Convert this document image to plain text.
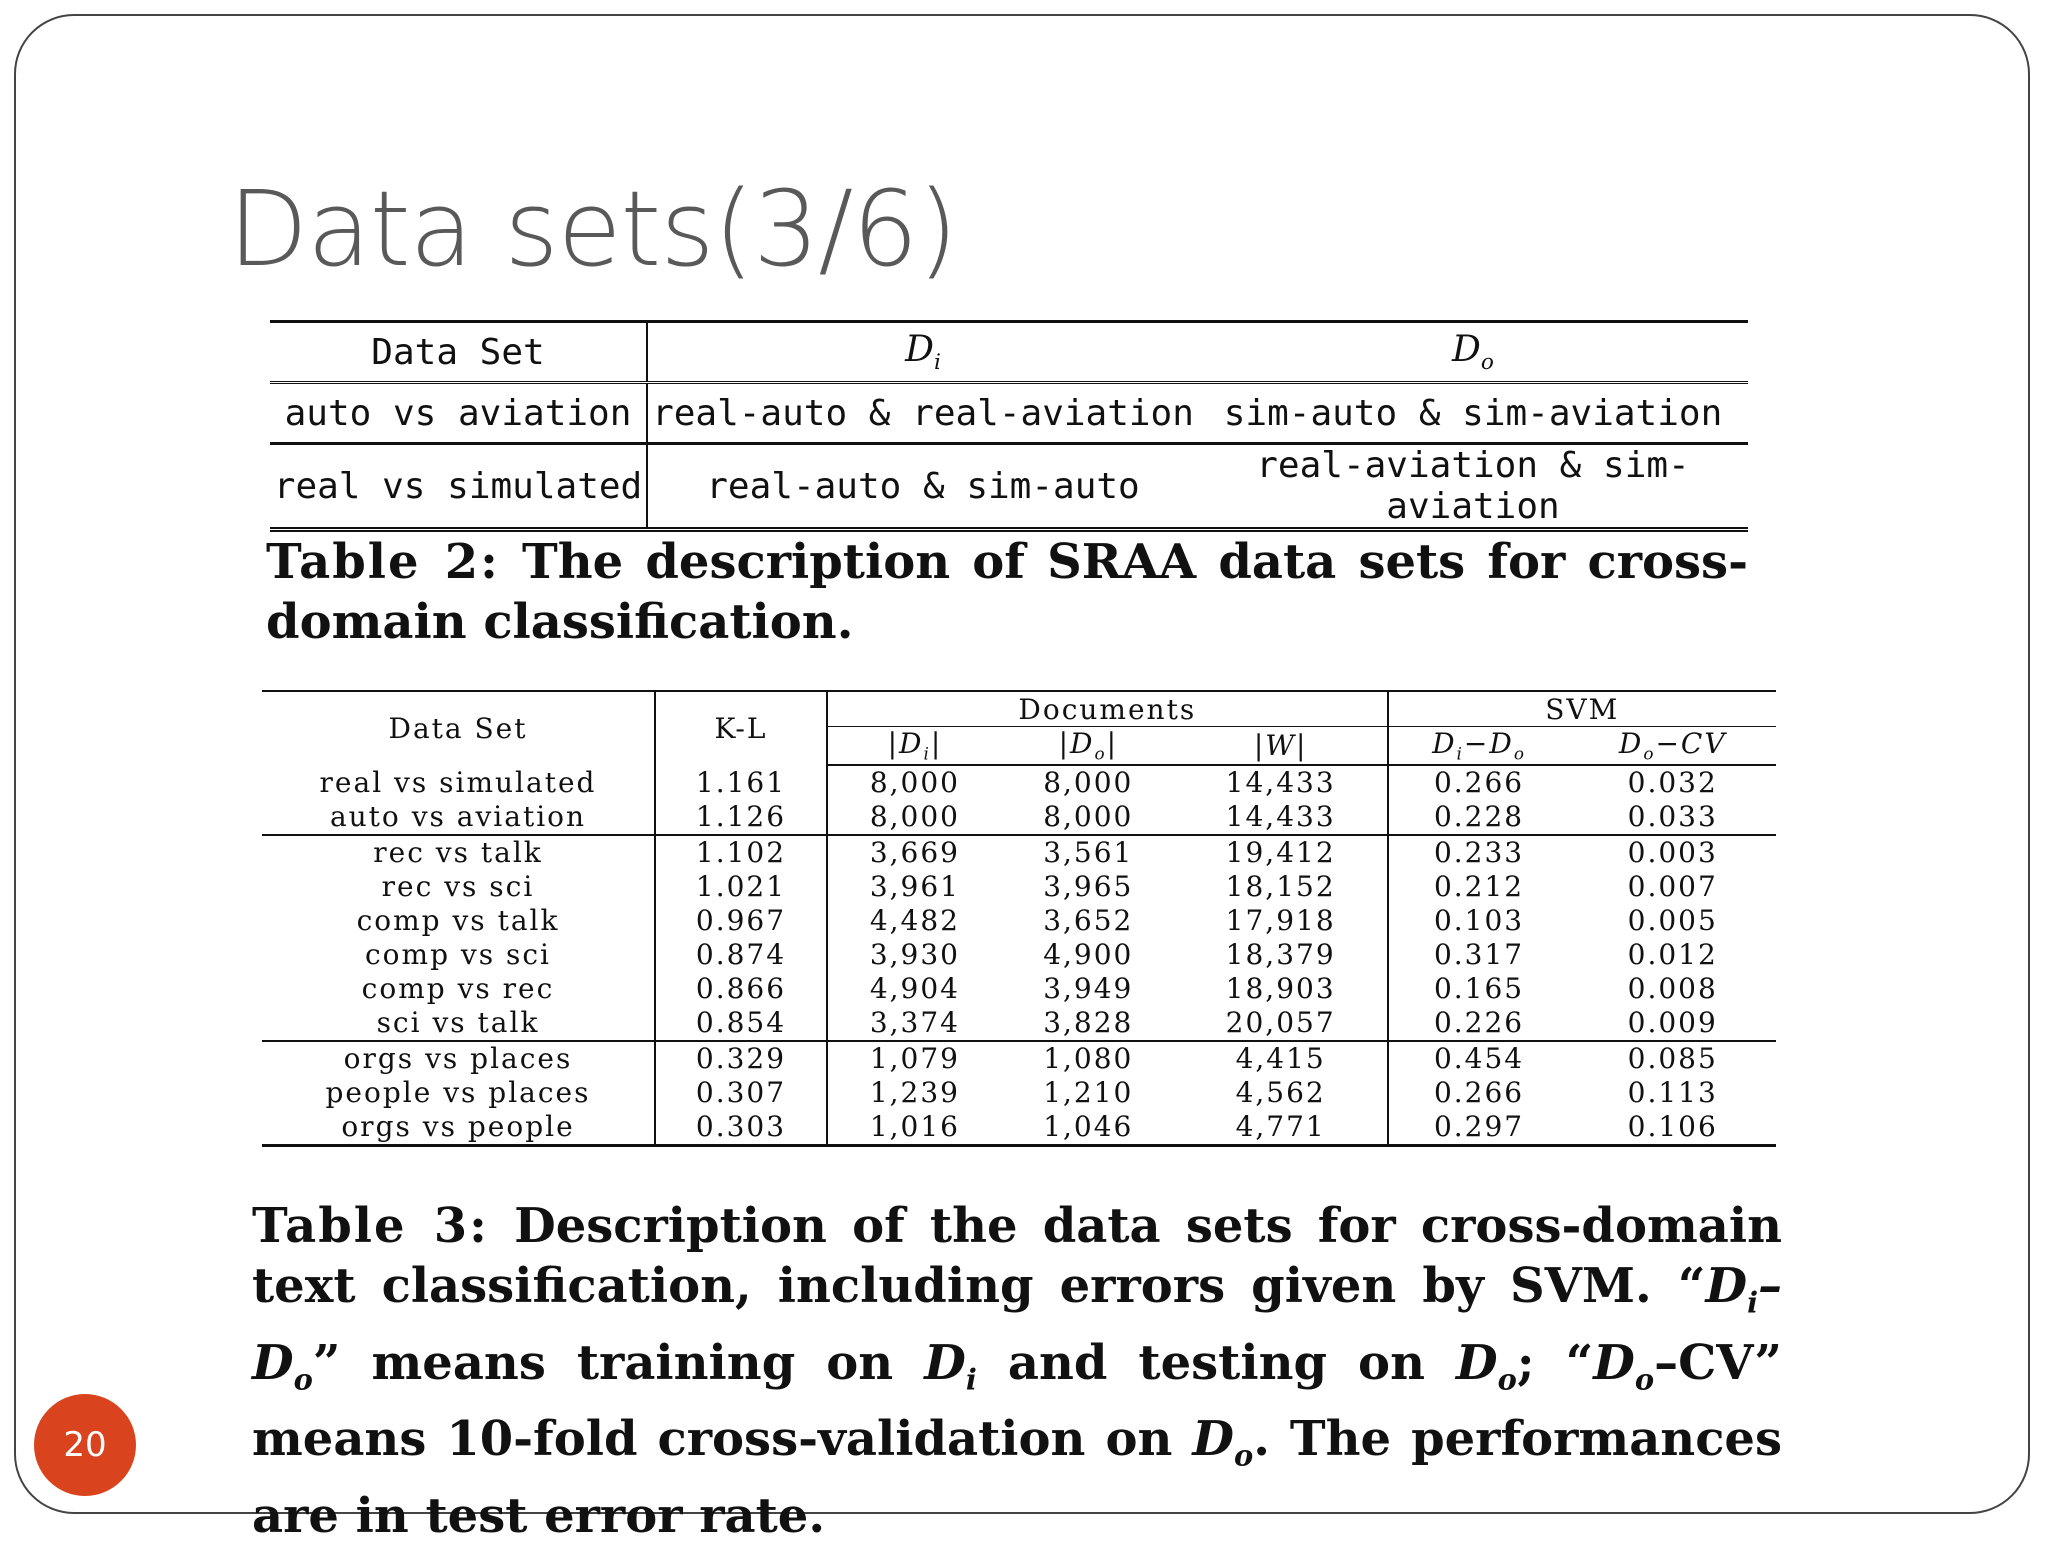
Data sets(3/6)
Data Set	$D_i$	$D_o$
auto vs aviation	real-auto & real-aviation	sim-auto & sim-aviation
real vs simulated	real-auto & sim-auto	real-aviation & sim-aviation

Table 2: The description of SRAA data sets for cross-domain classification.

Data Set	K-L	Documents			SVM	
		$|D_i|$	$|D_o|$	|W|	$D_i-D_o$	$D_o-CV$
real vs simulated	1.161	8,000	8,000	14,433	0.266	0.032
auto vs aviation	1.126	8,000	8,000	14,433	0.228	0.033
rec vs talk	1.102	3,669	3,561	19,412	0.233	0.003
rec vs sci	1.021	3,961	3,965	18,152	0.212	0.007
comp vs talk	0.967	4,482	3,652	17,918	0.103	0.005
comp vs sci	0.874	3,930	4,900	18,379	0.317	0.012
comp vs rec	0.866	4,904	3,949	18,903	0.165	0.008
sci vs talk	0.854	3,374	3,828	20,057	0.226	0.009
orgs vs places	0.329	1,079	1,080	4,415	0.454	0.085
people vs places	0.307	1,239	1,210	4,562	0.266	0.113
orgs vs people	0.303	1,016	1,046	4,771	0.297	0.106

Table 3: Description of the data sets for cross-domain text classification, including errors given by SVM. “$D_i-D_o$” means training on $D_i$ and testing on $D_o$; “$D_o-CV$” means 10-fold cross-validation on $D_o$. The performances are in test error rate.

20
